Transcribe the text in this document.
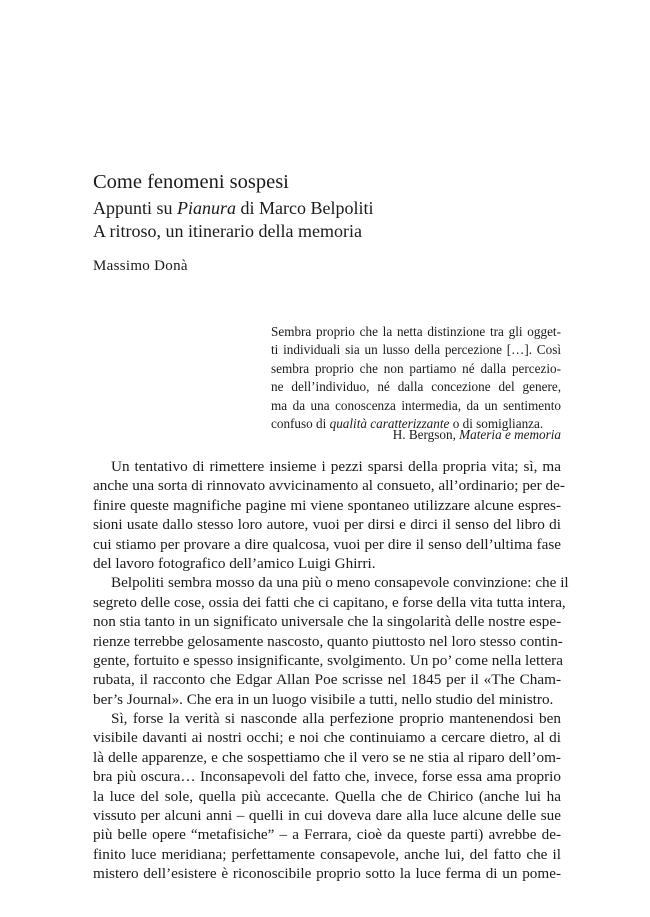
Come fenomeni sospesi
Appunti su Pianura di Marco Belpoliti
A ritroso, un itinerario della memoria
Massimo Donà
Sembra proprio che la netta distinzione tra gli ogget-
ti individuali sia un lusso della percezione […]. Così
sembra proprio che non partiamo né dalla percezio-
ne dell’individuo, né dalla concezione del genere,
ma da una conoscenza intermedia, da un sentimento
confuso di qualità caratterizzante o di somiglianza.
H. Bergson, Materia e memoria
Un tentativo di rimettere insieme i pezzi sparsi della propria vita; sì, ma
anche una sorta di rinnovato avvicinamento al consueto, all’ordinario; per de-
finire queste magnifiche pagine mi viene spontaneo utilizzare alcune espres-
sioni usate dallo stesso loro autore, vuoi per dirsi e dirci il senso del libro di
cui stiamo per provare a dire qualcosa, vuoi per dire il senso dell’ultima fase
del lavoro fotografico dell’amico Luigi Ghirri.
Belpoliti sembra mosso da una più o meno consapevole convinzione: che il
segreto delle cose, ossia dei fatti che ci capitano, e forse della vita tutta intera,
non stia tanto in un significato universale che la singolarità delle nostre espe-
rienze terrebbe gelosamente nascosto, quanto piuttosto nel loro stesso contin-
gente, fortuito e spesso insignificante, svolgimento. Un po’ come nella lettera
rubata, il racconto che Edgar Allan Poe scrisse nel 1845 per il «The Cham-
ber’s Journal». Che era in un luogo visibile a tutti, nello studio del ministro.
Sì, forse la verità si nasconde alla perfezione proprio mantenendosi ben
visibile davanti ai nostri occhi; e noi che continuiamo a cercare dietro, al di
là delle apparenze, e che sospettiamo che il vero se ne stia al riparo dell’om-
bra più oscura… Inconsapevoli del fatto che, invece, forse essa ama proprio
la luce del sole, quella più accecante. Quella che de Chirico (anche lui ha
vissuto per alcuni anni – quelli in cui doveva dare alla luce alcune delle sue
più belle opere “metafisiche” – a Ferrara, cioè da queste parti) avrebbe de-
finito luce meridiana; perfettamente consapevole, anche lui, del fatto che il
mistero dell’esistere è riconoscibile proprio sotto la luce ferma di un pome-
